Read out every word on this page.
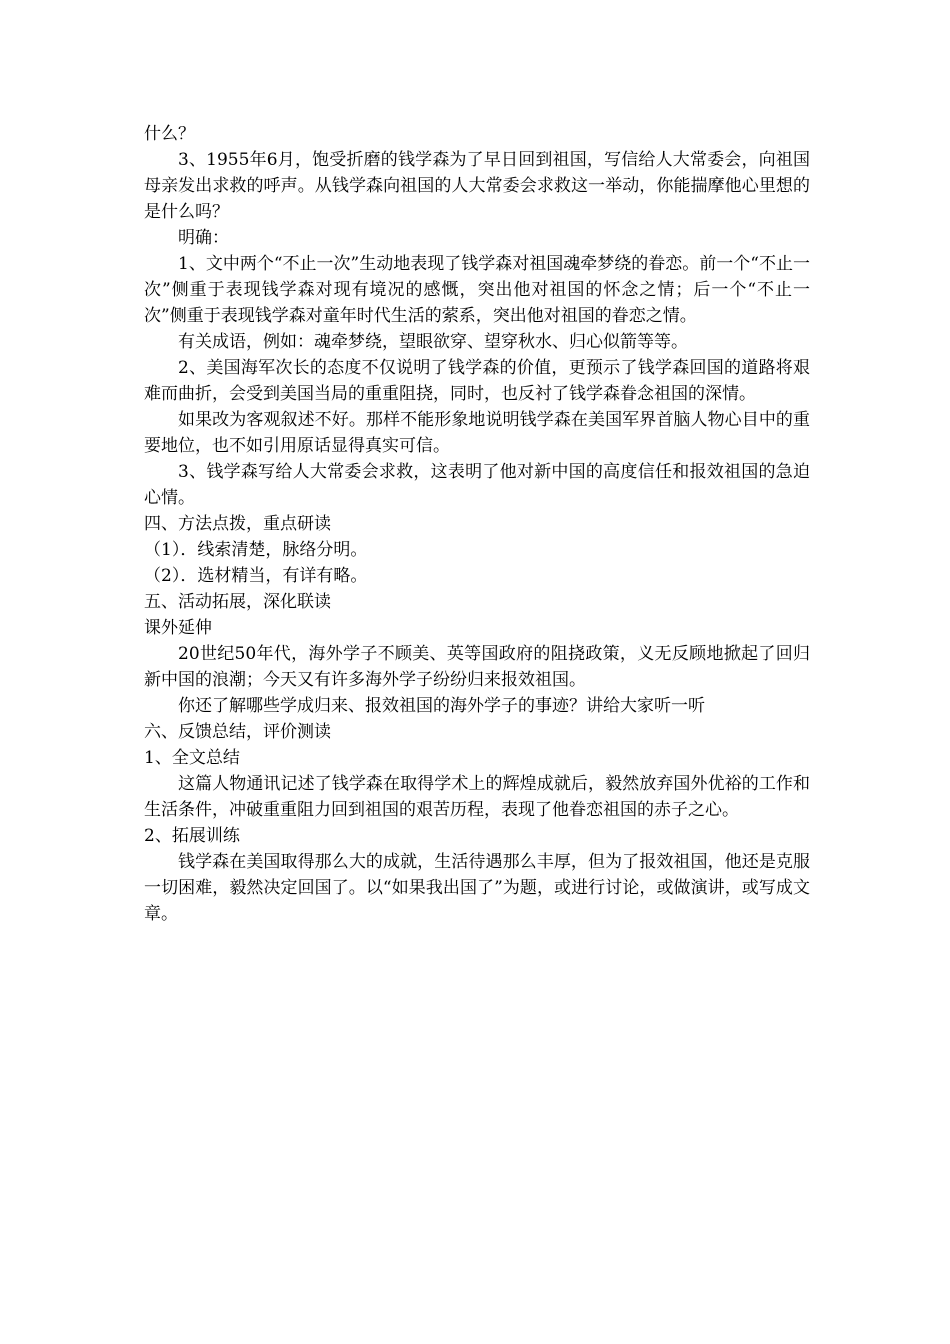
什么？

3、1955年6月，饱受折磨的钱学森为了早日回到祖国，写信给人大常委会，向祖国母亲发出求救的呼声。从钱学森向祖国的人大常委会求救这一举动，你能揣摩他心里想的是什么吗？

明确：

1、文中两个“不止一次”生动地表现了钱学森对祖国魂牵梦绕的眷恋。前一个“不止一次”侧重于表现钱学森对现有境况的感慨，突出他对祖国的怀念之情；后一个“不止一次”侧重于表现钱学森对童年时代生活的萦系，突出他对祖国的眷恋之情。

有关成语，例如：魂牵梦绕，望眼欲穿、望穿秋水、归心似箭等等。

2、美国海军次长的态度不仅说明了钱学森的价值，更预示了钱学森回国的道路将艰难而曲折，会受到美国当局的重重阻挠，同时，也反衬了钱学森眷念祖国的深情。

如果改为客观叙述不好。那样不能形象地说明钱学森在美国军界首脑人物心目中的重要地位，也不如引用原话显得真实可信。

3、钱学森写给人大常委会求救，这表明了他对新中国的高度信任和报效祖国的急迫心情。

四、方法点拨，重点研读

（1）．线索清楚，脉络分明。

（2）．选材精当，有详有略。

五、活动拓展，深化联读

课外延伸

20世纪50年代，海外学子不顾美、英等国政府的阻挠政策，义无反顾地掀起了回归新中国的浪潮；今天又有许多海外学子纷纷归来报效祖国。

你还了解哪些学成归来、报效祖国的海外学子的事迹？讲给大家听一听

六、反馈总结，评价测读

1、全文总结

这篇人物通讯记述了钱学森在取得学术上的辉煌成就后，毅然放弃国外优裕的工作和生活条件，冲破重重阻力回到祖国的艰苦历程，表现了他眷恋祖国的赤子之心。

2、拓展训练

钱学森在美国取得那么大的成就，生活待遇那么丰厚，但为了报效祖国，他还是克服一切困难，毅然决定回国了。以“如果我出国了”为题，或进行讨论，或做演讲，或写成文章。
